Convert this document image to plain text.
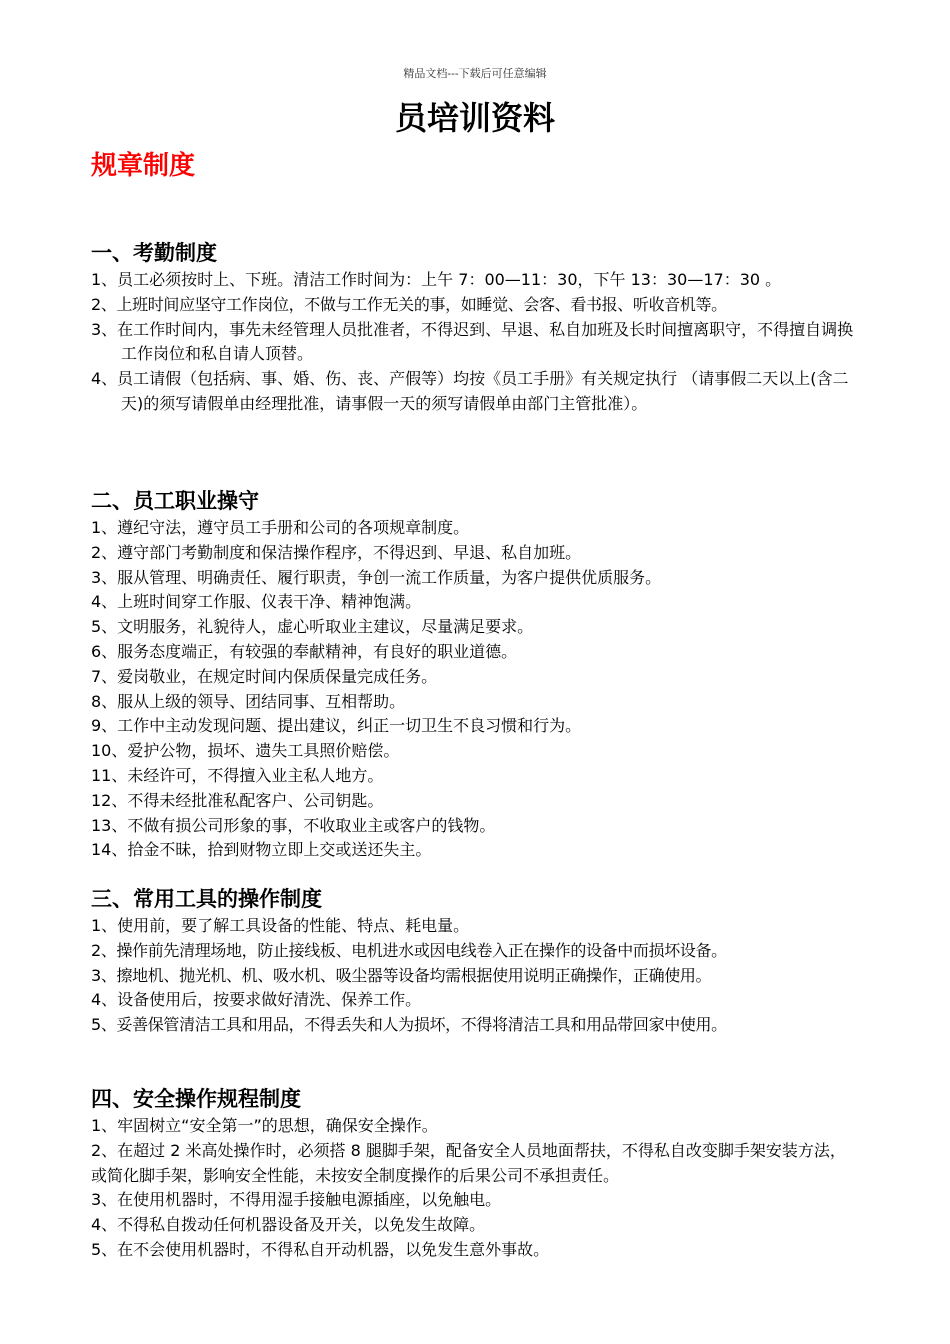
精品文档---下载后可任意编辑
员培训资料
规章制度
一、考勤制度
1、员工必须按时上、下班。清洁工作时间为：上午 7：00—11：30，下午 13：30—17：30 。
2、上班时间应坚守工作岗位，不做与工作无关的事，如睡觉、会客、看书报、听收音机等。
3、在工作时间内，事先未经管理人员批准者，不得迟到、早退、私自加班及长时间擅离职守，不得擅自调换工作岗位和私自请人顶替。
4、员工请假（包括病、事、婚、伤、丧、产假等）均按《员工手册》有关规定执行 （请事假二天以上(含二天)的须写请假单由经理批准，请事假一天的须写请假单由部门主管批准）。
二、员工职业操守
1、遵纪守法，遵守员工手册和公司的各项规章制度。
2、遵守部门考勤制度和保洁操作程序，不得迟到、早退、私自加班。
3、服从管理、明确责任、履行职责，争创一流工作质量，为客户提供优质服务。
4、上班时间穿工作服、仪表干净、精神饱满。
5、文明服务，礼貌待人，虚心听取业主建议，尽量满足要求。
6、服务态度端正，有较强的奉献精神，有良好的职业道德。
7、爱岗敬业，在规定时间内保质保量完成任务。
8、服从上级的领导、团结同事、互相帮助。
9、工作中主动发现问题、提出建议，纠正一切卫生不良习惯和行为。
10、爱护公物，损坏、遗失工具照价赔偿。
11、未经许可，不得擅入业主私人地方。
12、不得未经批准私配客户、公司钥匙。
13、不做有损公司形象的事，不收取业主或客户的钱物。
14、拾金不昧，拾到财物立即上交或送还失主。
三、常用工具的操作制度
1、使用前，要了解工具设备的性能、特点、耗电量。
2、操作前先清理场地，防止接线板、电机进水或因电线卷入正在操作的设备中而损坏设备。
3、擦地机、抛光机、机、吸水机、吸尘器等设备均需根据使用说明正确操作，正确使用。
4、设备使用后，按要求做好清洗、保养工作。
5、妥善保管清洁工具和用品，不得丢失和人为损坏，不得将清洁工具和用品带回家中使用。
四、安全操作规程制度
1、牢固树立“安全第一”的思想，确保安全操作。
2、在超过 2 米高处操作时，必须搭 8 腿脚手架，配备安全人员地面帮扶，不得私自改变脚手架安装方法，或简化脚手架，影响安全性能，未按安全制度操作的后果公司不承担责任。
3、在使用机器时，不得用湿手接触电源插座，以免触电。
4、不得私自拨动任何机器设备及开关，以免发生故障。
5、在不会使用机器时，不得私自开动机器，以免发生意外事故。
